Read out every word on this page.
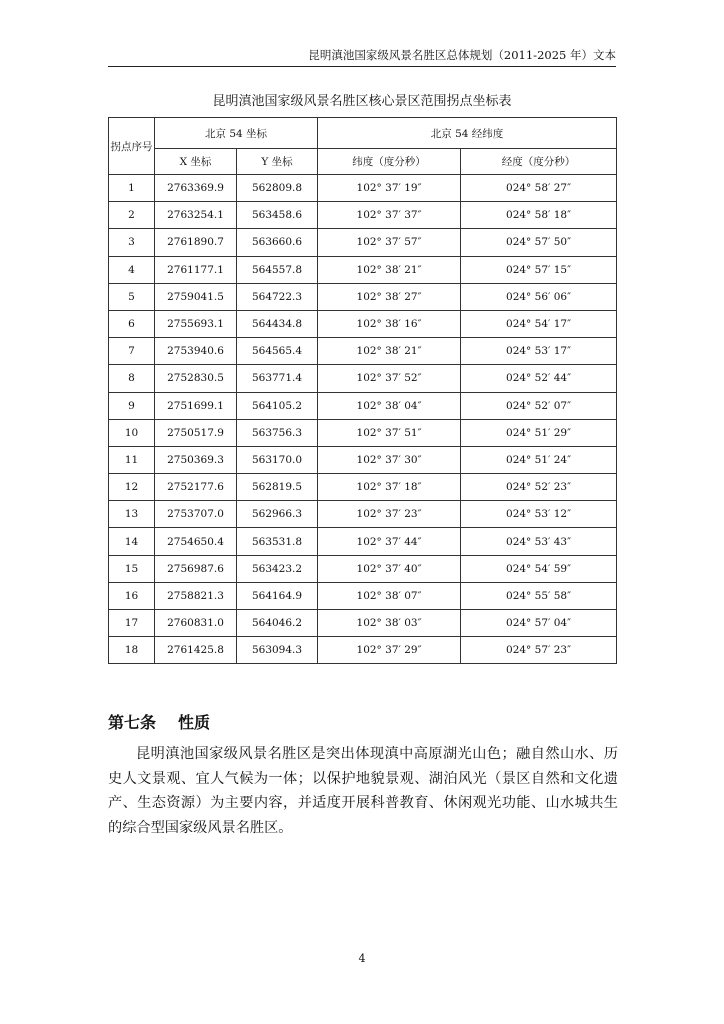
昆明滇池国家级风景名胜区总体规划（2011-2025 年）文本
昆明滇池国家级风景名胜区核心景区范围拐点坐标表
拐点序号	北京 54 坐标		北京 54 经纬度	
	X 坐标	Y 坐标	纬度（度分秒）	经度（度分秒）
1	2763369.9	562809.8	102° 37′ 19″	024° 58′ 27″
2	2763254.1	563458.6	102° 37′ 37″	024° 58′ 18″
3	2761890.7	563660.6	102° 37′ 57″	024° 57′ 50″
4	2761177.1	564557.8	102° 38′ 21″	024° 57′ 15″
5	2759041.5	564722.3	102° 38′ 27″	024° 56′ 06″
6	2755693.1	564434.8	102° 38′ 16″	024° 54′ 17″
7	2753940.6	564565.4	102° 38′ 21″	024° 53′ 17″
8	2752830.5	563771.4	102° 37′ 52″	024° 52′ 44″
9	2751699.1	564105.2	102° 38′ 04″	024° 52′ 07″
10	2750517.9	563756.3	102° 37′ 51″	024° 51′ 29″
11	2750369.3	563170.0	102° 37′ 30″	024° 51′ 24″
12	2752177.6	562819.5	102° 37′ 18″	024° 52′ 23″
13	2753707.0	562966.3	102° 37′ 23″	024° 53′ 12″
14	2754650.4	563531.8	102° 37′ 44″	024° 53′ 43″
15	2756987.6	563423.2	102° 37′ 40″	024° 54′ 59″
16	2758821.3	564164.9	102° 38′ 07″	024° 55′ 58″
17	2760831.0	564046.2	102° 38′ 03″	024° 57′ 04″
18	2761425.8	563094.3	102° 37′ 29″	024° 57′ 23″
第七条 性质
昆明滇池国家级风景名胜区是突出体现滇中高原湖光山色；融自然山水、历史人文景观、宜人气候为一体；以保护地貌景观、湖泊风光（景区自然和文化遗产、生态资源）为主要内容，并适度开展科普教育、休闲观光功能、山水城共生的综合型国家级风景名胜区。
4
